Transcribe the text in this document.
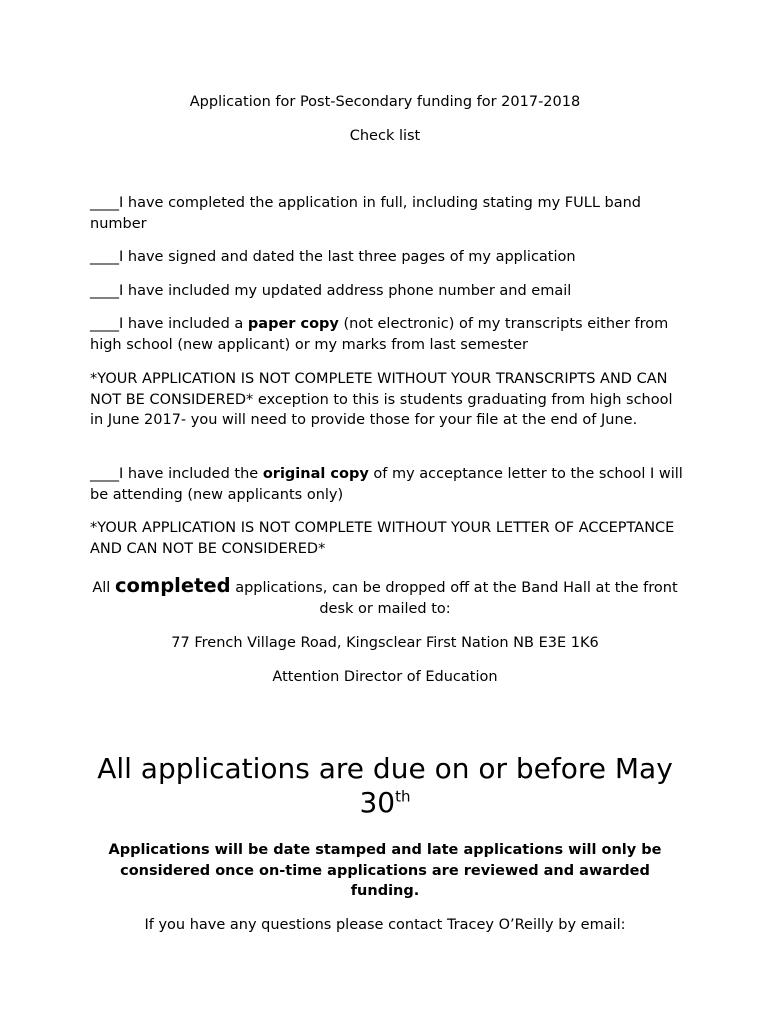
Application for Post-Secondary funding for 2017-2018
Check list
____I have completed the application in full, including stating my FULL band number
____I have signed and dated the last three pages of my application
____I have included my updated address phone number and email
____I have included a paper copy (not electronic) of my transcripts either from high school (new applicant) or my marks from last semester
*YOUR APPLICATION IS NOT COMPLETE WITHOUT YOUR TRANSCRIPTS AND CAN NOT BE CONSIDERED* exception to this is students graduating from high school in June 2017- you will need to provide those for your file at the end of June.
____I have included the original copy of my acceptance letter to the school I will be attending (new applicants only)
*YOUR APPLICATION IS NOT COMPLETE WITHOUT YOUR LETTER OF ACCEPTANCE AND CAN NOT BE CONSIDERED*
All completed applications, can be dropped off at the Band Hall at the front desk or mailed to:
77 French Village Road, Kingsclear First Nation NB E3E 1K6
Attention Director of Education
All applications are due on or before May 30th
Applications will be date stamped and late applications will only be considered once on-time applications are reviewed and awarded funding.
If you have any questions please contact Tracey O’Reilly by email:
